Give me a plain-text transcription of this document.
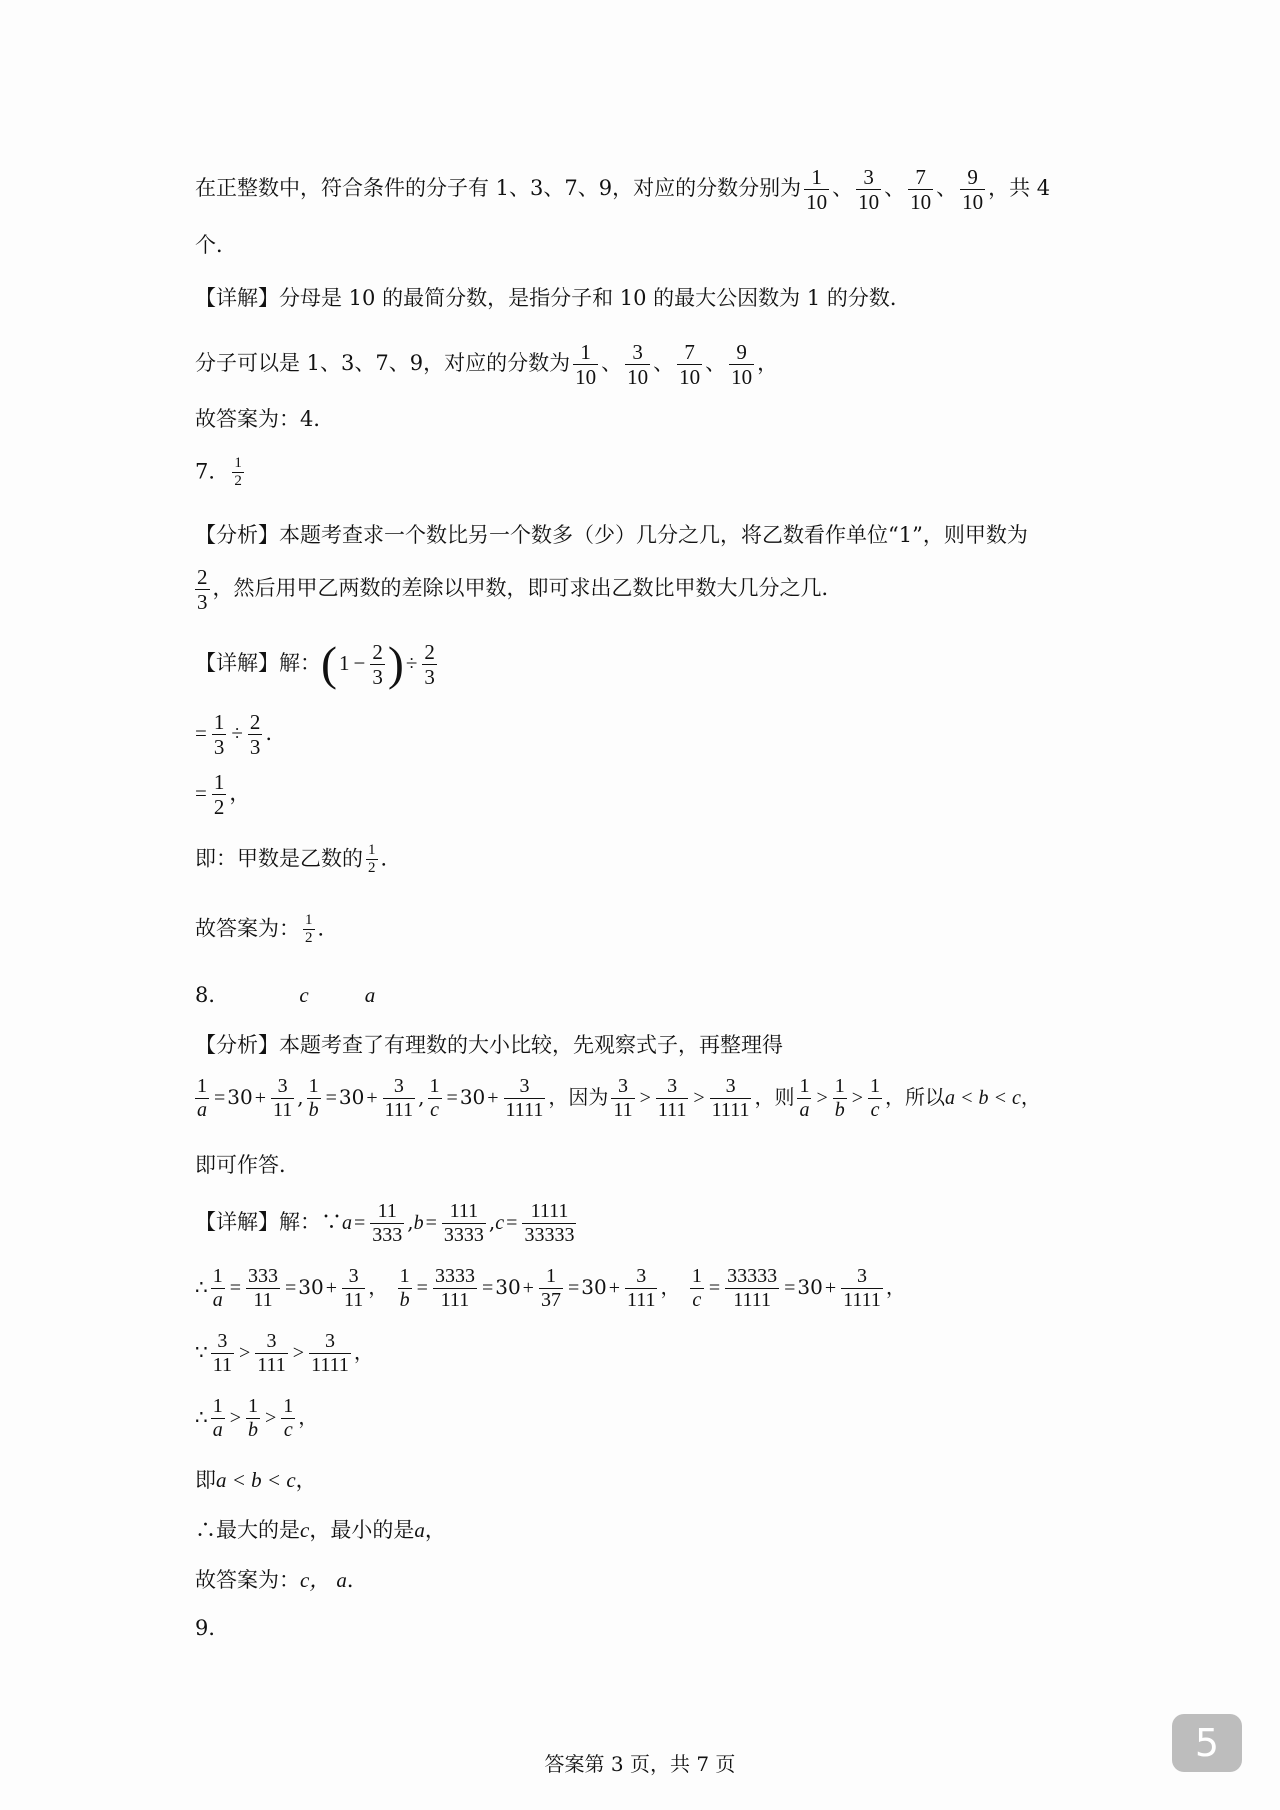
在正整数中，符合条件的分子有 1、3、7、9，对应的分数分别为 $\frac{1}{10}$ 、 $\frac{3}{10}$ 、 $\frac{7}{10}$ 、 $\frac{9}{10}$ ，共 4
个．
【详解】分母是 10 的最简分数，是指分子和 10 的最大公因数为 1 的分数．
分子可以是 1、3、7、9，对应的分数为 $\frac{1}{10}$ 、 $\frac{3}{10}$ 、 $\frac{7}{10}$ 、 $\frac{9}{10}$ ，
故答案为：4．
7． $\frac{1}{2}$
【分析】本题考查求一个数比另一个数多（少）几分之几，将乙数看作单位“1”，则甲数为
$\frac{2}{3}$ ，然后用甲乙两数的差除以甲数，即可求出乙数比甲数大几分之几．
【详解】解：($1 - \frac{2}{3}$ )÷ $\frac{2}{3}$
= $\frac{1}{3} \div \frac{2}{3}$ .
= $\frac{1}{2}$ ，
即：甲数是乙数的 $\frac{1}{2}$ ．
故答案为： $\frac{1}{2}$ ．
8．	c	a
【分析】本题考查了有理数的大小比较，先观察式子，再整理得
$\frac{1}{a} = 30 + \frac{3}{11}$ , $\frac{1}{b} = 30 + \frac{3}{111}$ , $\frac{1}{c} = 30 + \frac{3}{1111}$ ，因为 $\frac{3}{11} > \frac{3}{111} > \frac{3}{1111}$ ，则 $\frac{1}{a} > \frac{1}{b} > \frac{1}{c}$ ，所以a < b < c，
即可作答．
【详解】解：∵a = $\frac{11}{333} ,b = \frac{111}{3333} ,c = \frac{1111}{33333}$
∴ $\frac{1}{a} = \frac{333}{11} = 30 + \frac{3}{11}$ ， $\frac{1}{b} = \frac{3333}{111} = 30 + \frac{1}{37} = 30 + \frac{3}{111}$ ， $\frac{1}{c} = \frac{33333}{1111} = 30 + \frac{3}{1111}$ ，
∵ $\frac{3}{11} > \frac{3}{111} > \frac{3}{1111}$ ，
∴ $\frac{1}{a} > \frac{1}{b} > \frac{1}{c}$ ，
即a < b < c，
∴最大的是c，最小的是a，
故答案为：c， a．
9．
答案第 3 页，共 7 页	5
